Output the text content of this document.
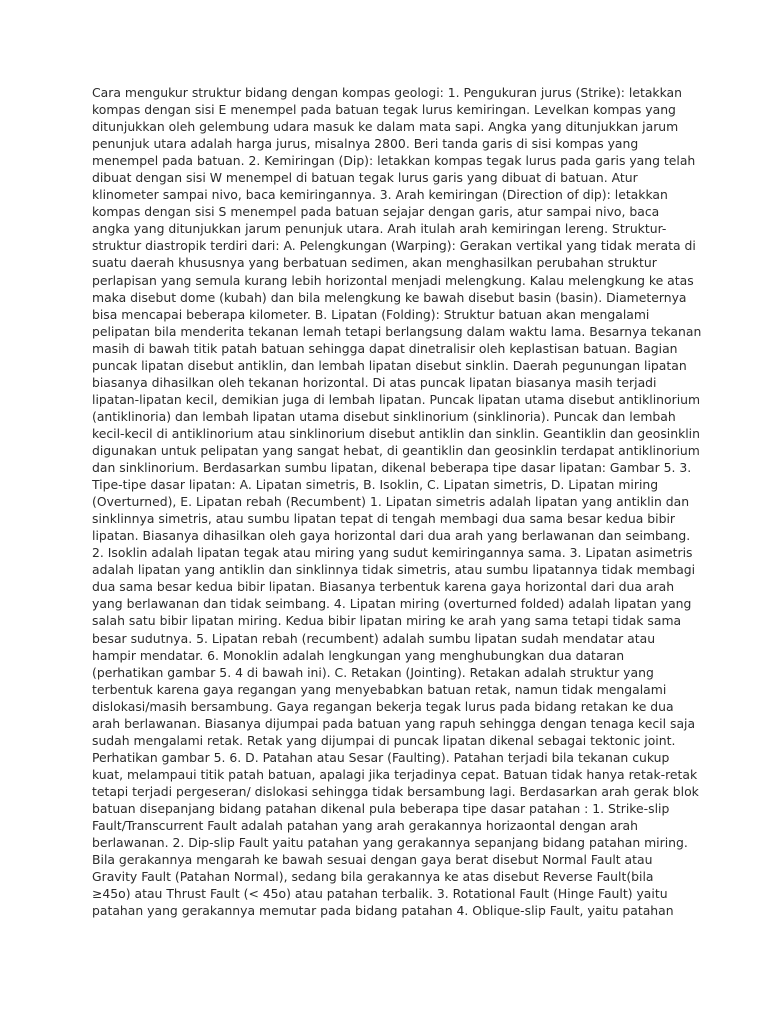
Cara mengukur struktur bidang dengan kompas geologi: 1. Pengukuran jurus (Strike): letakkan
kompas dengan sisi E menempel pada batuan tegak lurus kemiringan. Levelkan kompas yang
ditunjukkan oleh gelembung udara masuk ke dalam mata sapi. Angka yang ditunjukkan jarum
penunjuk utara adalah harga jurus, misalnya 2800. Beri tanda garis di sisi kompas yang
menempel pada batuan. 2. Kemiringan (Dip): letakkan kompas tegak lurus pada garis yang telah
dibuat dengan sisi W menempel di batuan tegak lurus garis yang dibuat di batuan. Atur
klinometer sampai nivo, baca kemiringannya. 3. Arah kemiringan (Direction of dip): letakkan
kompas dengan sisi S menempel pada batuan sejajar dengan garis, atur sampai nivo, baca
angka yang ditunjukkan jarum penunjuk utara. Arah itulah arah kemiringan lereng. Struktur-
struktur diastropik terdiri dari: A. Pelengkungan (Warping): Gerakan vertikal yang tidak merata di
suatu daerah khususnya yang berbatuan sedimen, akan menghasilkan perubahan struktur
perlapisan yang semula kurang lebih horizontal menjadi melengkung. Kalau melengkung ke atas
maka disebut dome (kubah) dan bila melengkung ke bawah disebut basin (basin). Diameternya
bisa mencapai beberapa kilometer. B. Lipatan (Folding): Struktur batuan akan mengalami
pelipatan bila menderita tekanan lemah tetapi berlangsung dalam waktu lama. Besarnya tekanan
masih di bawah titik patah batuan sehingga dapat dinetralisir oleh keplastisan batuan. Bagian
puncak lipatan disebut antiklin, dan lembah lipatan disebut sinklin. Daerah pegunungan lipatan
biasanya dihasilkan oleh tekanan horizontal. Di atas puncak lipatan biasanya masih terjadi
lipatan-lipatan kecil, demikian juga di lembah lipatan. Puncak lipatan utama disebut antiklinorium
(antiklinoria) dan lembah lipatan utama disebut sinklinorium (sinklinoria). Puncak dan lembah
kecil-kecil di antiklinorium atau sinklinorium disebut antiklin dan sinklin. Geantiklin dan geosinklin
digunakan untuk pelipatan yang sangat hebat, di geantiklin dan geosinklin terdapat antiklinorium
dan sinklinorium. Berdasarkan sumbu lipatan, dikenal beberapa tipe dasar lipatan: Gambar 5. 3.
Tipe-tipe dasar lipatan: A. Lipatan simetris, B. Isoklin, C. Lipatan simetris, D. Lipatan miring
(Overturned), E. Lipatan rebah (Recumbent) 1. Lipatan simetris adalah lipatan yang antiklin dan
sinklinnya simetris, atau sumbu lipatan tepat di tengah membagi dua sama besar kedua bibir
lipatan. Biasanya dihasilkan oleh gaya horizontal dari dua arah yang berlawanan dan seimbang.
2. Isoklin adalah lipatan tegak atau miring yang sudut kemiringannya sama. 3. Lipatan asimetris
adalah lipatan yang antiklin dan sinklinnya tidak simetris, atau sumbu lipatannya tidak membagi
dua sama besar kedua bibir lipatan. Biasanya terbentuk karena gaya horizontal dari dua arah
yang berlawanan dan tidak seimbang. 4. Lipatan miring (overturned folded) adalah lipatan yang
salah satu bibir lipatan miring. Kedua bibir lipatan miring ke arah yang sama tetapi tidak sama
besar sudutnya. 5. Lipatan rebah (recumbent) adalah sumbu lipatan sudah mendatar atau
hampir mendatar. 6. Monoklin adalah lengkungan yang menghubungkan dua dataran
(perhatikan gambar 5. 4 di bawah ini). C. Retakan (Jointing). Retakan adalah struktur yang
terbentuk karena gaya regangan yang menyebabkan batuan retak, namun tidak mengalami
dislokasi/masih bersambung. Gaya regangan bekerja tegak lurus pada bidang retakan ke dua
arah berlawanan. Biasanya dijumpai pada batuan yang rapuh sehingga dengan tenaga kecil saja
sudah mengalami retak. Retak yang dijumpai di puncak lipatan dikenal sebagai tektonic joint.
Perhatikan gambar 5. 6. D. Patahan atau Sesar (Faulting). Patahan terjadi bila tekanan cukup
kuat, melampaui titik patah batuan, apalagi jika terjadinya cepat. Batuan tidak hanya retak-retak
tetapi terjadi pergeseran/ dislokasi sehingga tidak bersambung lagi. Berdasarkan arah gerak blok
batuan disepanjang bidang patahan dikenal pula beberapa tipe dasar patahan : 1. Strike-slip
Fault/Transcurrent Fault adalah patahan yang arah gerakannya horizaontal dengan arah
berlawanan. 2. Dip-slip Fault yaitu patahan yang gerakannya sepanjang bidang patahan miring.
Bila gerakannya mengarah ke bawah sesuai dengan gaya berat disebut Normal Fault atau
Gravity Fault (Patahan Normal), sedang bila gerakannya ke atas disebut Reverse Fault(bila
≥45o) atau Thrust Fault (< 45o) atau patahan terbalik. 3. Rotational Fault (Hinge Fault) yaitu
patahan yang gerakannya memutar pada bidang patahan 4. Oblique-slip Fault, yaitu patahan
